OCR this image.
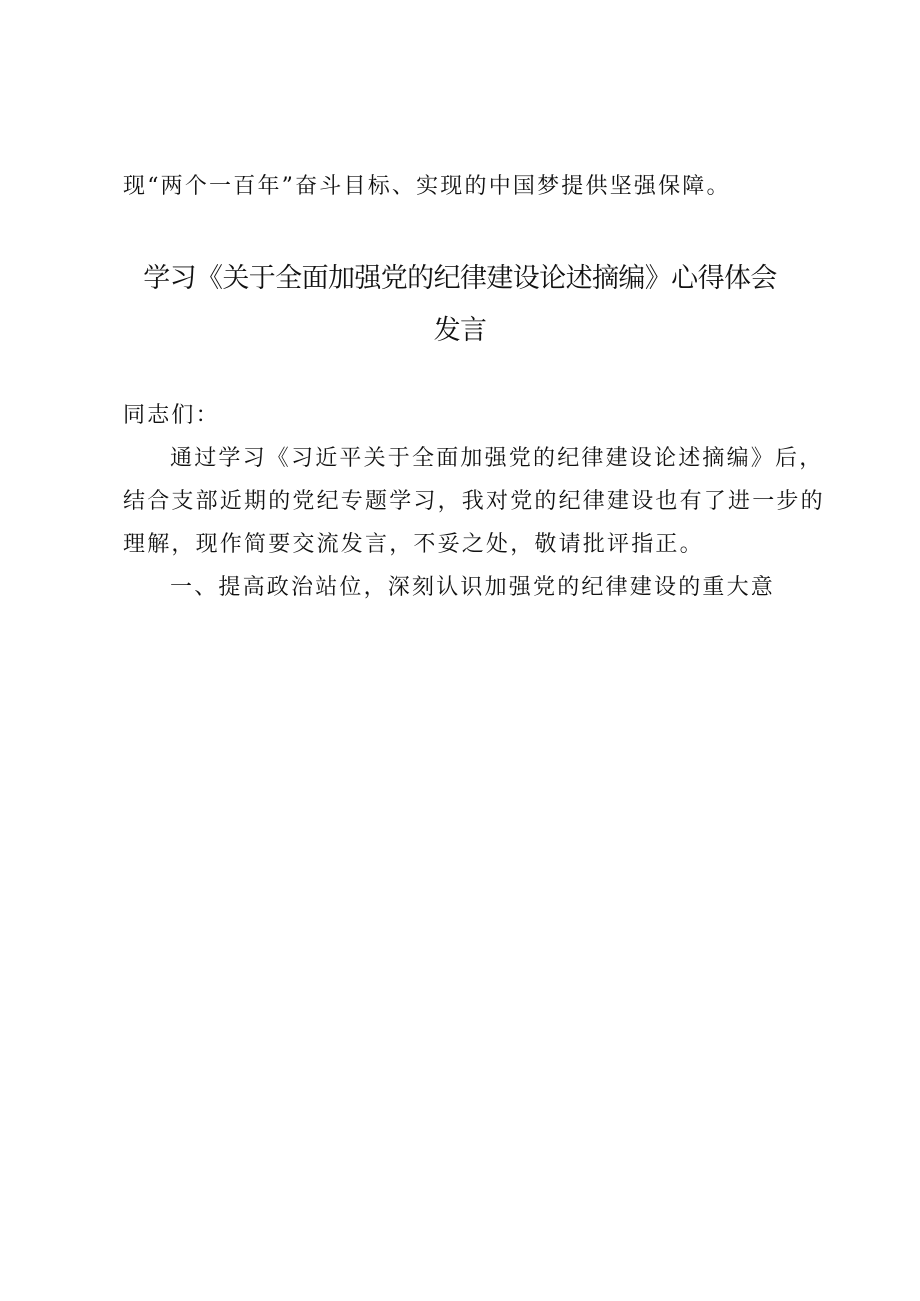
现“两个一百年”奋斗目标、实现的中国梦提供坚强保障。
学习《关于全面加强党的纪律建设论述摘编》心得体会
发言
同志们：
通过学习《习近平关于全面加强党的纪律建设论述摘编》后，
结合支部近期的党纪专题学习，我对党的纪律建设也有了进一步的
理解，现作简要交流发言，不妥之处，敬请批评指正。
一、提高政治站位，深刻认识加强党的纪律建设的重大意
